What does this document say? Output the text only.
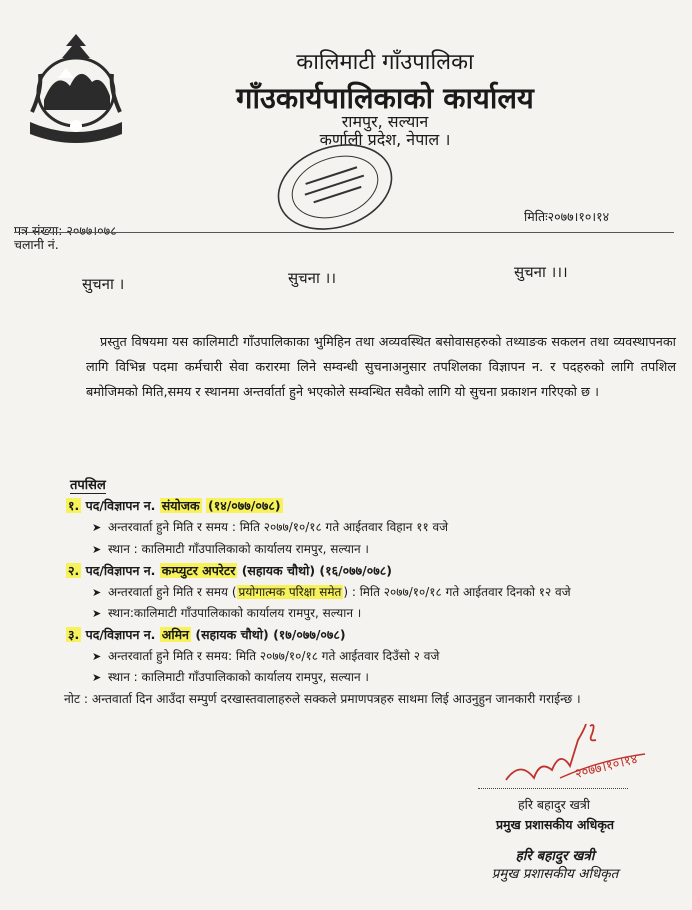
कालिमाटी गाँउपालिका
गाँउकार्यपालिकाको कार्यालय
रामपुर, सल्यान
कर्णाली प्रदेश, नेपाल ।
मितिः२०७७।१०।१४
पत्र संख्या: २०७७।०७८
चलानी नं.
सुचना ।	सुचना ।।	सुचना ।।।
प्रस्तुत विषयमा यस कालिमाटी गाँउपालिकाका भुमिहिन तथा अव्यवस्थित बसोवासहरुको तथ्याङक सकलन तथा व्यवस्थापनका लागि विभिन्न पदमा कर्मचारी सेवा करारमा लिने सम्वन्धी सुचनाअनुसार तपशिलका विज्ञापन न. र पदहरुको लागि तपशिल बमोजिमको मिति,समय र स्थानमा अन्तर्वार्ता हुने भएकोले सम्वन्धित सवैको लागि यो सुचना प्रकाशन गरिएको छ ।
तपसिल
१. पद/विज्ञापन न. संयोजक (१४/०७७/०७८)
➤ अन्तरवार्ता हुने मिति र समय : मिति २०७७/१०/१८ गते आईतवार विहान ११ वजे
➤ स्थान : कालिमाटी गाँउपालिकाको कार्यालय रामपुर, सल्यान ।
२. पद/विज्ञापन न. कम्प्युटर अपरेटर (सहायक चौथो) (१६/०७७/०७८)
➤ अन्तरवार्ता हुने मिति र समय ( प्रयोगात्मक परिक्षा समेत ) : मिति २०७७/१०/१८ गते आईतवार दिनको १२ वजे
➤ स्थान:कालिमाटी गाँउपालिकाको कार्यालय रामपुर, सल्यान ।
३. पद/विज्ञापन न. अमिन (सहायक चौथो) (१७/०७७/०७८)
➤ अन्तरवार्ता हुने मिति र समय: मिति २०७७/१०/१८ गते आईतवार दिउँसो २ वजे
➤ स्थान : कालिमाटी गाँउपालिकाको कार्यालय रामपुर, सल्यान ।
नोट : अन्तवार्ता दिन आउँदा सम्पुर्ण दरखास्तवालाहरुले सक्कले प्रमाणपत्रहरु साथमा लिई आउनुहुन जानकारी गराईन्छ ।
२०७७।१०।१४
हरि बहादुर खत्री
प्रमुख प्रशासकीय अधिकृत
हरि बहादुर खत्री
प्रमुख प्रशासकीय अधिकृत
